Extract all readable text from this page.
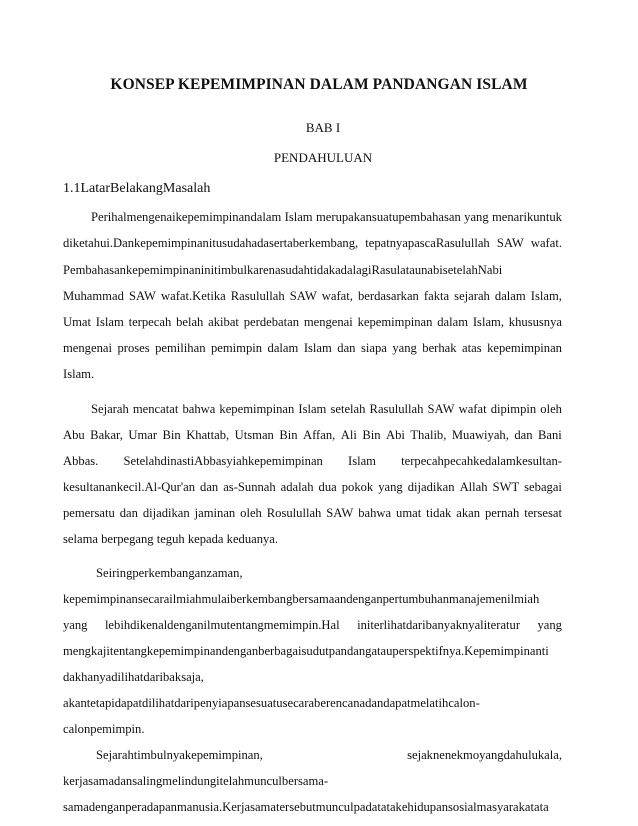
KONSEP KEPEMIMPINAN DALAM PANDANGAN ISLAM
BAB I
PENDAHULUAN
1.1LatarBelakangMasalah
Perihalmengenaikepemimpinandalam Islam merupakansuatupembahasan yang menarikuntuk
diketahui.Dankepemimpinanitusudahadasertaberkembang, tepatnyapascaRasulullah SAW wafat.
PembahasankepemimpinaninitimbulkarenasudahtidakadalagiRasulataunabisetelahNabi
Muhammad SAW wafat.Ketika Rasulullah SAW wafat, berdasarkan fakta sejarah dalam Islam,
Umat Islam terpecah belah akibat perdebatan mengenai kepemimpinan dalam Islam, khususnya
mengenai proses pemilihan pemimpin dalam Islam dan siapa yang berhak atas kepemimpinan
Islam.
Sejarah mencatat bahwa kepemimpinan Islam setelah Rasulullah SAW wafat dipimpin oleh
Abu Bakar, Umar Bin Khattab, Utsman Bin Affan, Ali Bin Abi Thalib, Muawiyah, dan Bani
Abbas. SetelahdinastiAbbasyiahkepemimpinan Islam terpecahpecahkedalamkesultan-
kesultanankecil.Al-Qur'an dan as-Sunnah adalah dua pokok yang dijadikan Allah SWT sebagai
pemersatu dan dijadikan jaminan oleh Rosulullah SAW bahwa umat tidak akan pernah tersesat
selama berpegang teguh kepada keduanya.
Seiringperkembanganzaman,
kepemimpinansecarailmiahmulaiberkembangbersamaandenganpertumbuhanmanajemenilmiah
yang lebihdikenaldenganilmutentangmemimpin.Hal initerlihatdaribanyaknyaliteratur yang
mengkajitentangkepemimpinandenganberbagaisudutpandangatauperspektifnya.Kepemimpinanti
dakhanyadilihatdaribaksaja,
akantetapidapatdilihatdaripenyiapansesuatusecaraberencanadandapatmelatihcalon-
calonpemimpin.
Sejarahtimbulnyakepemimpinan,	sejaknenekmoyangdahulukala,
kerjasamadansalingmelindungitelahmunculbersama-
samadenganperadapanmanusia.Kerjasamatersebutmunculpadatatakehidupansosialmasyarakatata
